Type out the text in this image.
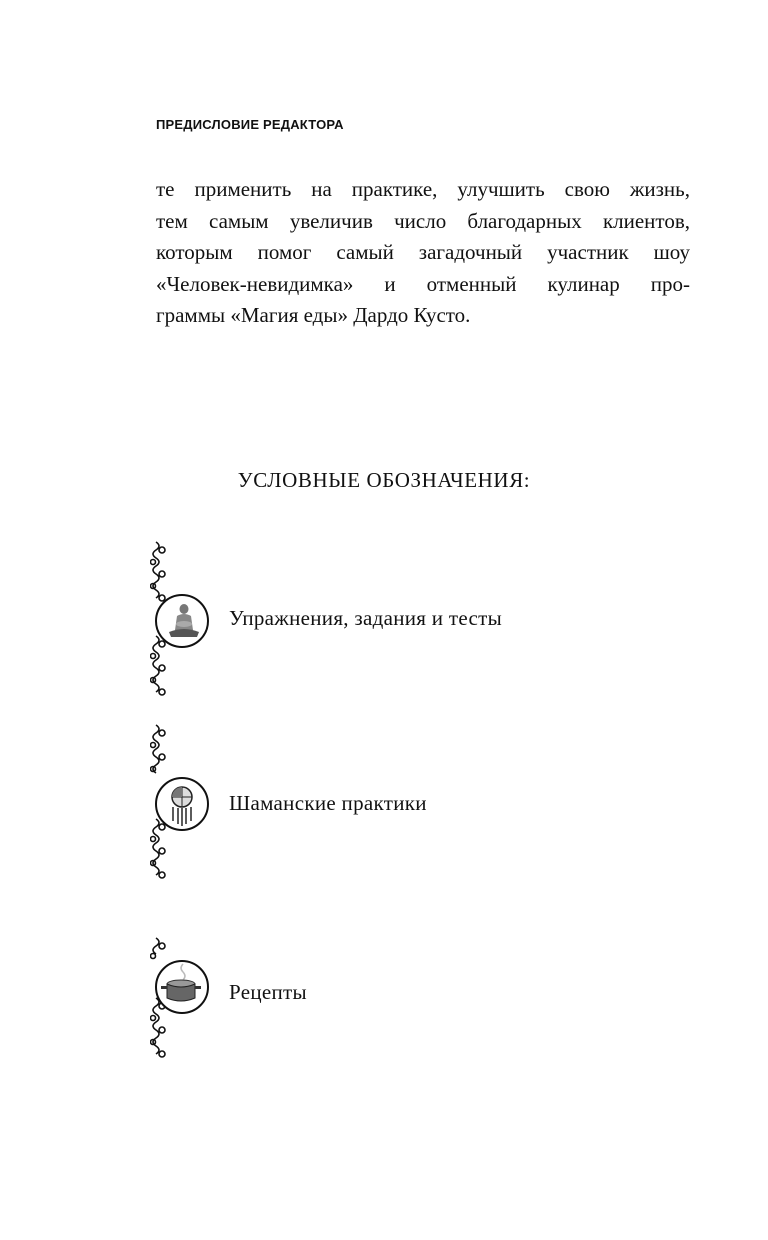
ПРЕДИСЛОВИЕ РЕДАКТОРА
те применить на практике, улучшить свою жизнь,
тем самым увеличив число благодарных клиентов,
которым помог самый загадочный участник шоу
«Человек-невидимка» и отменный кулинар про-
граммы «Магия еды» Дардо Кусто.
УСЛОВНЫЕ ОБОЗНАЧЕНИЯ:
Упражнения, задания и тесты
Шаманские практики
Рецепты
